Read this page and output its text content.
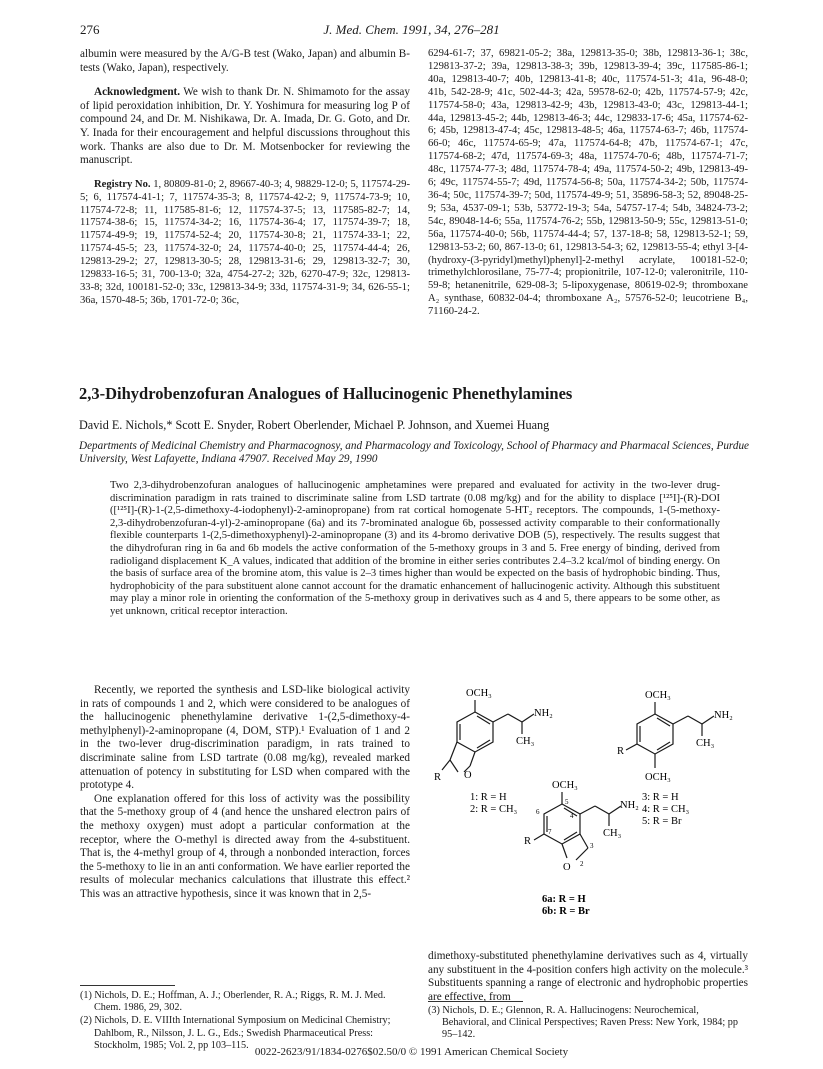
276	J. Med. Chem. 1991, 34, 276–281

albumin were measured by the A/G-B test (Wako, Japan) and albumin B-tests (Wako, Japan), respectively.

Acknowledgment. We wish to thank Dr. N. Shimamoto for the assay of lipid peroxidation inhibition, Dr. Y. Yoshimura for measuring log P of compound 24, and Dr. M. Nishikawa, Dr. A. Imada, Dr. G. Goto, and Dr. Y. Inada for their encouragement and helpful discussions throughout this work. Thanks are also due to Dr. M. Motsenbocker for reviewing the manuscript.

Registry No. 1, 80809-81-0; 2, 89667-40-3; 4, 98829-12-0; 5, 117574-29-5; 6, 117574-41-1; 7, 117574-35-3; 8, 117574-42-2; 9, 117574-73-9; 10, 117574-72-8; 11, 117585-81-6; 12, 117574-37-5; 13, 117585-82-7; 14, 117574-38-6; 15, 117574-34-2; 16, 117574-36-4; 17, 117574-39-7; 18, 117574-49-9; 19, 117574-52-4; 20, 117574-30-8; 21, 117574-33-1; 22, 117574-45-5; 23, 117574-32-0; 24, 117574-40-0; 25, 117574-44-4; 26, 129813-29-2; 27, 129813-30-5; 28, 129813-31-6; 29, 129813-32-7; 30, 129833-16-5; 31, 700-13-0; 32a, 4754-27-2; 32b, 6270-47-9; 32c, 129813-33-8; 32d, 100181-52-0; 33c, 129813-34-9; 33d, 117574-31-9; 34, 626-55-1; 36a, 1570-48-5; 36b, 1701-72-0; 36c,

6294-61-7; 37, 69821-05-2; 38a, 129813-35-0; 38b, 129813-36-1; 38c, 129813-37-2; 39a, 129813-38-3; 39b, 129813-39-4; 39c, 117585-86-1; 40a, 129813-40-7; 40b, 129813-41-8; 40c, 117574-51-3; 41a, 96-48-0; 41b, 542-28-9; 41c, 502-44-3; 42a, 59578-62-0; 42b, 117574-57-9; 42c, 117574-58-0; 43a, 129813-42-9; 43b, 129813-43-0; 43c, 129813-44-1; 44a, 129813-45-2; 44b, 129813-46-3; 44c, 129833-17-6; 45a, 117574-62-6; 45b, 129813-47-4; 45c, 129813-48-5; 46a, 117574-63-7; 46b, 117574-66-0; 46c, 117574-65-9; 47a, 117574-64-8; 47b, 117574-67-1; 47c, 117574-68-2; 47d, 117574-69-3; 48a, 117574-70-6; 48b, 117574-71-7; 48c, 117574-77-3; 48d, 117574-78-4; 49a, 117574-50-2; 49b, 129813-49-6; 49c, 117574-55-7; 49d, 117574-56-8; 50a, 117574-34-2; 50b, 117574-36-4; 50c, 117574-39-7; 50d, 117574-49-9; 51, 35896-58-3; 52, 89048-25-9; 53a, 4537-09-1; 53b, 53772-19-3; 54a, 54757-17-4; 54b, 34824-73-2; 54c, 89048-14-6; 55a, 117574-76-2; 55b, 129813-50-9; 55c, 129813-51-0; 56a, 117574-40-0; 56b, 117574-44-4; 57, 137-18-8; 58, 129813-52-1; 59, 129813-53-2; 60, 867-13-0; 61, 129813-54-3; 62, 129813-55-4; ethyl 3-[4-(hydroxy-(3-pyridyl)methyl)phenyl]-2-methyl acrylate, 100181-52-0; trimethylchlorosilane, 75-77-4; propionitrile, 107-12-0; valeronitrile, 110-59-8; hetanenitrile, 629-08-3; 5-lipoxygenase, 80619-02-9; thromboxane A₂ synthase, 60832-04-4; thromboxane A₂, 57576-52-0; leucotriene B₄, 71160-24-2.

2,3-Dihydrobenzofuran Analogues of Hallucinogenic Phenethylamines
David E. Nichols,* Scott E. Snyder, Robert Oberlender, Michael P. Johnson, and Xuemei Huang
Departments of Medicinal Chemistry and Pharmacognosy, and Pharmacology and Toxicology, School of Pharmacy and Pharmacal Sciences, Purdue University, West Lafayette, Indiana 47907. Received May 29, 1990
Two 2,3-dihydrobenzofuran analogues of hallucinogenic amphetamines were prepared and evaluated for activity in the two-lever drug-discrimination paradigm in rats trained to discriminate saline from LSD tartrate (0.08 mg/kg) and for the ability to displace [¹²⁵I]-(R)-DOI ([¹²⁵I]-(R)-1-(2,5-dimethoxy-4-iodophenyl)-2-aminopropane) from rat cortical homogenate 5-HT₂ receptors. The compounds, 1-(5-methoxy-2,3-dihydrobenzofuran-4-yl)-2-aminopropane (6a) and its 7-brominated analogue 6b, possessed activity comparable to their conformationally flexible counterparts 1-(2,5-dimethoxyphenyl)-2-aminopropane (3) and its 4-bromo derivative DOB (5), respectively. The results suggest that the dihydrofuran ring in 6a and 6b models the active conformation of the 5-methoxy groups in 3 and 5. Free energy of binding, derived from radioligand displacement K_A values, indicated that addition of the bromine in either series contributes 2.4–3.2 kcal/mol of binding energy. On the basis of surface area of the bromine atom, this value is 2–3 times higher than would be expected on the basis of hydrophobic binding. Thus, hydrophobicity of the para substituent alone cannot account for the dramatic enhancement of hallucinogenic activity. Although this substituent may play a minor role in orienting the conformation of the 5-methoxy group in derivatives such as 4 and 5, there appears to be some other, as yet unknown, critical receptor interaction.

Recently, we reported the synthesis and LSD-like biological activity in rats of compounds 1 and 2, which were considered to be analogues of the hallucinogenic phenethylamine derivative 1-(2,5-dimethoxy-4-methylphenyl)-2-aminopropane (4, DOM, STP).¹ Evaluation of 1 and 2 in the two-lever drug-discrimination paradigm, in rats trained to discriminate saline from LSD tartrate (0.08 mg/kg), revealed marked attenuation of potency in substituting for LSD when compared with the prototype 4.

One explanation offered for this loss of activity was the possibility that the 5-methoxy group of 4 (and hence the unshared electron pairs of the methoxy oxygen) must adopt a particular conformation at the receptor, where the O-methyl is directed away from the 4-substituent. That is, the 4-methyl group of 4, through a nonbonded interaction, forces the 5-methoxy to lie in an anti conformation. We have earlier reported the results of molecular mechanics calculations that illustrate this effect.² This was an attractive hypothesis, since it was known that in 2,5-

(1) Nichols, D. E.; Hoffman, A. J.; Oberlender, R. A.; Riggs, R. M. J. Med. Chem. 1986, 29, 302.

(2) Nichols, D. E. VIIIth International Symposium on Medicinal Chemistry; Dahlbom, R., Nilsson, J. L. G., Eds.; Swedish Pharmaceutical Press: Stockholm, 1985; Vol. 2, pp 103–115.

OCH₃
NH₂
CH₃
O
R
1: R = H
2: R = CH₃
OCH₃
NH₂
CH₃
R
OCH₃
3: R = H
4: R = CH₃
5: R = Br
OCH₃
NH₂
CH₃
R
O
5
4
6
7
3
2
6a: R = H
6b: R = Br

dimethoxy-substituted phenethylamine derivatives such as 4, virtually any substituent in the 4-position confers high activity on the molecule.³ Substituents spanning a range of electronic and hydrophobic properties are effective, from

(3) Nichols, D. E.; Glennon, R. A. Hallucinogens: Neurochemical, Behavioral, and Clinical Perspectives; Raven Press: New York, 1984; pp 95–142.

0022-2623/91/1834-0276$02.50/0 © 1991 American Chemical Society
